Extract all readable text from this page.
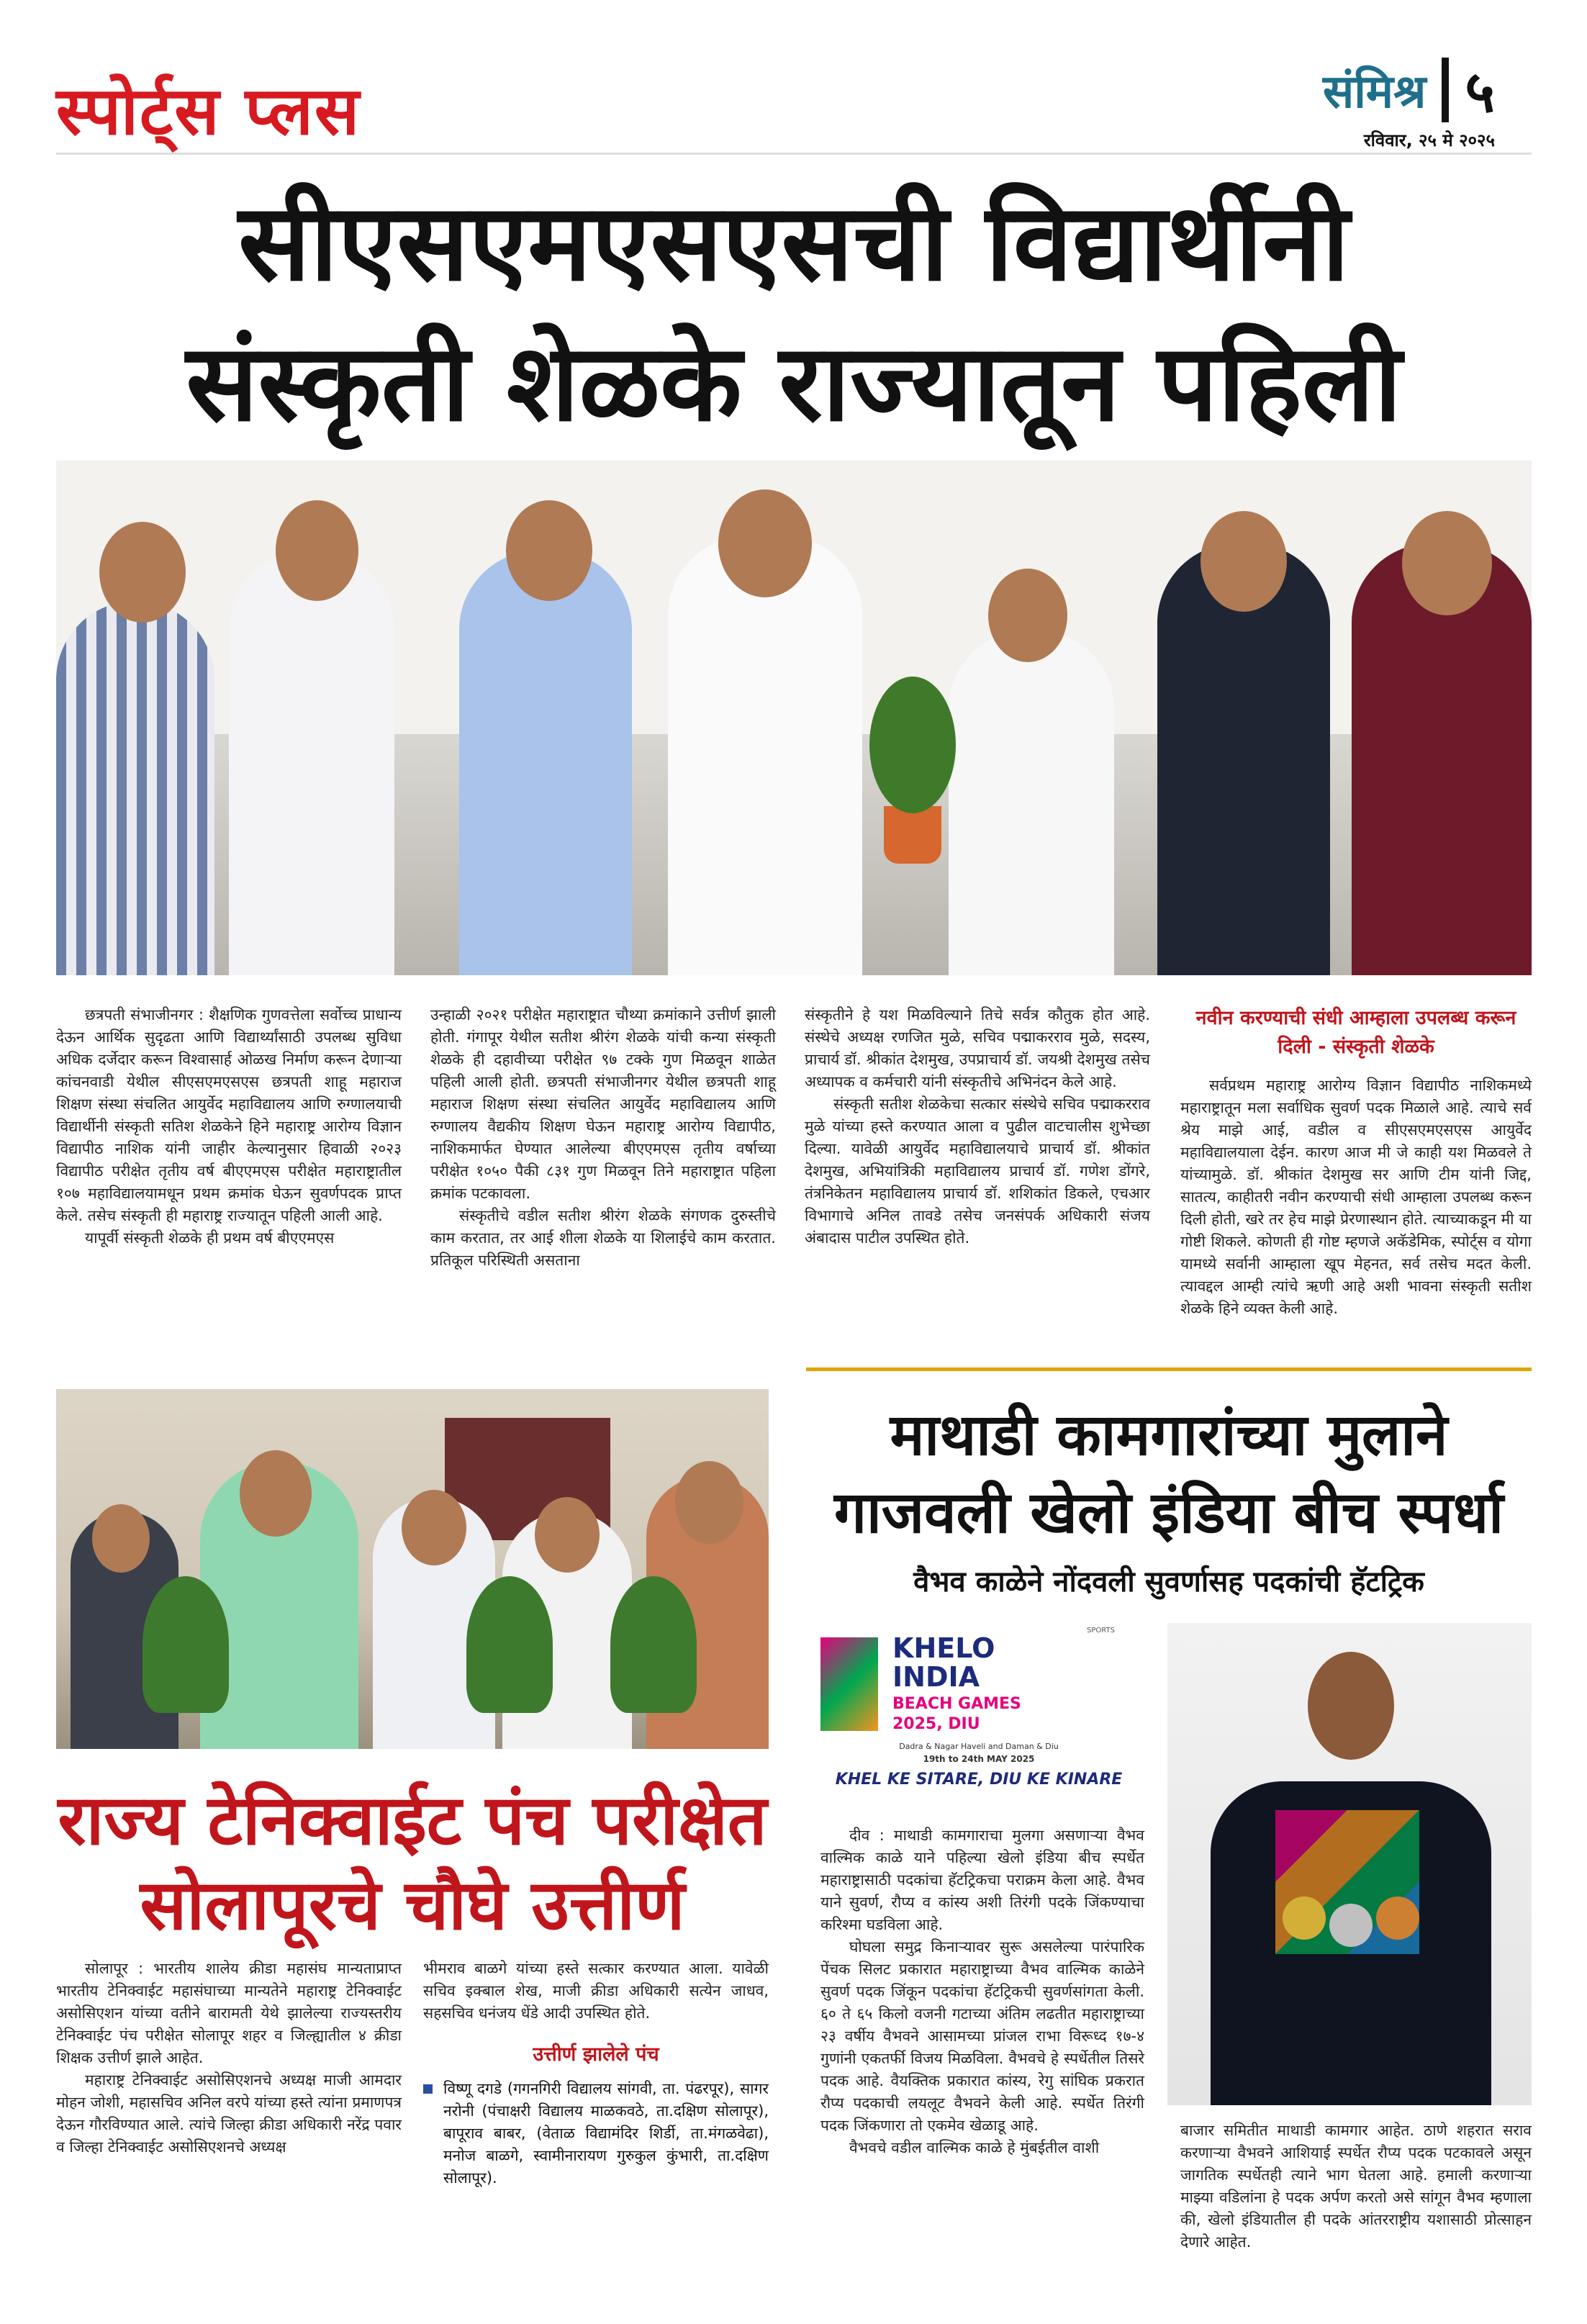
स्पोर्ट्स प्लस	संमिश्र ५
रविवार, २५ मे २०२५
सीएसएमएसएसची विद्यार्थीनी
संस्कृती शेळके राज्यातून पहिली

छत्रपती संभाजीनगर : शैक्षणिक गुणवत्तेला सर्वोच्च प्राधान्य देऊन आर्थिक सुदृढता आणि विद्यार्थ्यांसाठी उपलब्ध सुविधा अधिक दर्जेदार करून विश्वासार्ह ओळख निर्माण करून देणाऱ्या कांचनवाडी येथील सीएसएमएसएस छत्रपती शाहू महाराज शिक्षण संस्था संचलित आयुर्वेद महाविद्यालय आणि रुग्णालयाची विद्यार्थीनी संस्कृती सतिश शेळकेने हिने महाराष्ट्र आरोग्य विज्ञान विद्यापीठ नाशिक यांनी जाहीर केल्यानुसार हिवाळी २०२३ विद्यापीठ परीक्षेत तृतीय वर्ष बीएएमएस परीक्षेत महाराष्ट्रातील १०७ महाविद्यालयामधून प्रथम क्रमांक घेऊन सुवर्णपदक प्राप्त केले. तसेच संस्कृती ही महाराष्ट्र राज्यातून पहिली आली आहे.

यापूर्वी संस्कृती शेळके ही प्रथम वर्ष बीएएमएस

उन्हाळी २०२१ परीक्षेत महाराष्ट्रात चौथ्या क्रमांकाने उत्तीर्ण झाली होती. गंगापूर येथील सतीश श्रीरंग शेळके यांची कन्या संस्कृती शेळके ही दहावीच्या परीक्षेत ९७ टक्के गुण मिळवून शाळेत पहिली आली होती. छत्रपती संभाजीनगर येथील छत्रपती शाहू महाराज शिक्षण संस्था संचलित आयुर्वेद महाविद्यालय आणि रुग्णालय वैद्यकीय शिक्षण घेऊन महाराष्ट्र आरोग्य विद्यापीठ, नाशिकमार्फत घेण्यात आलेल्या बीएएमएस तृतीय वर्षाच्या परीक्षेत १०५० पैकी ८३१ गुण मिळवून तिने महाराष्ट्रात पहिला क्रमांक पटकावला.

संस्कृतीचे वडील सतीश श्रीरंग शेळके संगणक दुरुस्तीचे काम करतात, तर आई शीला शेळके या शिलाईचे काम करतात. प्रतिकूल परिस्थिती असताना

संस्कृतीने हे यश मिळविल्याने तिचे सर्वत्र कौतुक होत आहे. संस्थेचे अध्यक्ष रणजित मुळे, सचिव पद्माकरराव मुळे, सदस्य, प्राचार्य डॉ. श्रीकांत देशमुख, उपप्राचार्य डॉ. जयश्री देशमुख तसेच अध्यापक व कर्मचारी यांनी संस्कृतीचे अभिनंदन केले आहे.

संस्कृती सतीश शेळकेचा सत्कार संस्थेचे सचिव पद्माकरराव मुळे यांच्या हस्ते करण्यात आला व पुढील वाटचालीस शुभेच्छा दिल्या. यावेळी आयुर्वेद महाविद्यालयाचे प्राचार्य डॉ. श्रीकांत देशमुख, अभियांत्रिकी महाविद्यालय प्राचार्य डॉ. गणेश डोंगरे, तंत्रनिकेतन महाविद्यालय प्राचार्य डॉ. शशिकांत डिकले, एचआर विभागाचे अनिल तावडे तसेच जनसंपर्क अधिकारी संजय अंबादास पाटील उपस्थित होते.

नवीन करण्याची संधी आम्हाला उपलब्ध करून दिली - संस्कृती शेळके

सर्वप्रथम महाराष्ट्र आरोग्य विज्ञान विद्यापीठ नाशिकमध्ये महाराष्ट्रातून मला सर्वाधिक सुवर्ण पदक मिळाले आहे. त्याचे सर्व श्रेय माझे आई, वडील व सीएसएमएसएस आयुर्वेद महाविद्यालयाला देईन. कारण आज मी जे काही यश मिळवले ते यांच्यामुळे. डॉ. श्रीकांत देशमुख सर आणि टीम यांनी जिद्द, सातत्य, काहीतरी नवीन करण्याची संधी आम्हाला उपलब्ध करून दिली होती, खरे तर हेच माझे प्रेरणास्थान होते. त्याच्याकडून मी या गोष्टी शिकले. कोणती ही गोष्ट म्हणजे अकॅडेमिक, स्पोर्ट्स व योगा यामध्ये सर्वानी आम्हाला खूप मेहनत, सर्व तसेच मदत केली. त्यावद्दल आम्ही त्यांचे ऋणी आहे अशी भावना संस्कृती सतीश शेळके हिने व्यक्त केली आहे.

माथाडी कामगारांच्या मुलाने
गाजवली खेलो इंडिया बीच स्पर्धा
वैभव काळेने नोंदवली सुवर्णासह पदकांची हॅटट्रिक
KHELO
INDIA
SPORTS
BEACH GAMES
2025, DIU
Dadra & Nagar Haveli and Daman & Diu
19th to 24th MAY 2025
KHEL KE SITARE, DIU KE KINARE
राज्य टेनिक्वाईट पंच परीक्षेत
सोलापूरचे चौघे उत्तीर्ण

सोलापूर : भारतीय शालेय क्रीडा महासंघ मान्यताप्राप्त भारतीय टेनिक्वाईट महासंघाच्या मान्यतेने महाराष्ट्र टेनिक्वाईट असोसिएशन यांच्या वतीने बारामती येथे झालेल्या राज्यस्तरीय टेनिक्वाईट पंच परीक्षेत सोलापूर शहर व जिल्ह्यातील ४ क्रीडा शिक्षक उत्तीर्ण झाले आहेत.

महाराष्ट्र टेनिक्वाईट असोसिएशनचे अध्यक्ष माजी आमदार मोहन जोशी, महासचिव अनिल वरपे यांच्या हस्ते त्यांना प्रमाणपत्र देऊन गौरविण्यात आले. त्यांचे जिल्हा क्रीडा अधिकारी नरेंद्र पवार व जिल्हा टेनिक्वाईट असोसिएशनचे अध्यक्ष

भीमराव बाळगे यांच्या हस्ते सत्कार करण्यात आला. यावेळी सचिव इक्बाल शेख, माजी क्रीडा अधिकारी सत्येन जाधव, सहसचिव धनंजय धेंडे आदी उपस्थित होते.

उत्तीर्ण झालेले पंच
विष्णू दगडे (गगनगिरी विद्यालय सांगवी, ता. पंढरपूर), सागर नरोनी (पंचाक्षरी विद्यालय माळकवठे, ता.दक्षिण सोलापूर), बापूराव बाबर, (वेताळ विद्यामंदिर शिर्डी, ता.मंगळवेढा), मनोज बाळगे, स्वामीनारायण गुरुकुल कुंभारी, ता.दक्षिण सोलापूर).

दीव : माथाडी कामगाराचा मुलगा असणाऱ्या वैभव वाल्मिक काळे याने पहिल्या खेलो इंडिया बीच स्पर्धेत महाराष्ट्रासाठी पदकांचा हॅटट्रिकचा पराक्रम केला आहे. वैभव याने सुवर्ण, रौप्य व कांस्य अशी तिरंगी पदके जिंकण्याचा करिश्मा घडविला आहे.

घोघला समुद्र किनाऱ्यावर सुरू असलेल्या पारंपारिक पेंचक सिलट प्रकारात महाराष्ट्राच्या वैभव वाल्मिक काळेने सुवर्ण पदक जिंकून पदकांचा हॅटट्रिकची सुवर्णसांगता केली. ६० ते ६५ किलो वजनी गटाच्या अंतिम लढतीत महाराष्ट्राच्या २३ वर्षीय वैभवने आसामच्या प्रांजल राभा विरूध्द १७-४ गुणांनी एकतर्फी विजय मिळविला. वैभवचे हे स्पर्धेतील तिसरे पदक आहे. वैयक्तिक प्रकारात कांस्य, रेगु सांघिक प्रकरात रौप्य पदकाची लयलूट वैभवने केली आहे. स्पर्धेत तिरंगी पदक जिंकणारा तो एकमेव खेळाडू आहे.

वैभवचे वडील वाल्मिक काळे हे मुंबईतील वाशी

बाजार समितीत माथाडी कामगार आहेत. ठाणे शहरात सराव करणाऱ्या वैभवने आशियाई स्पर्धेत रौप्य पदक पटकावले असून जागतिक स्पर्धेतही त्याने भाग घेतला आहे. हमाली करणाऱ्या माझ्या वडिलांना हे पदक अर्पण करतो असे सांगून वैभव म्हणाला की, खेलो इंडियातील ही पदके आंतरराष्ट्रीय यशासाठी प्रोत्साहन देणारे आहेत.
